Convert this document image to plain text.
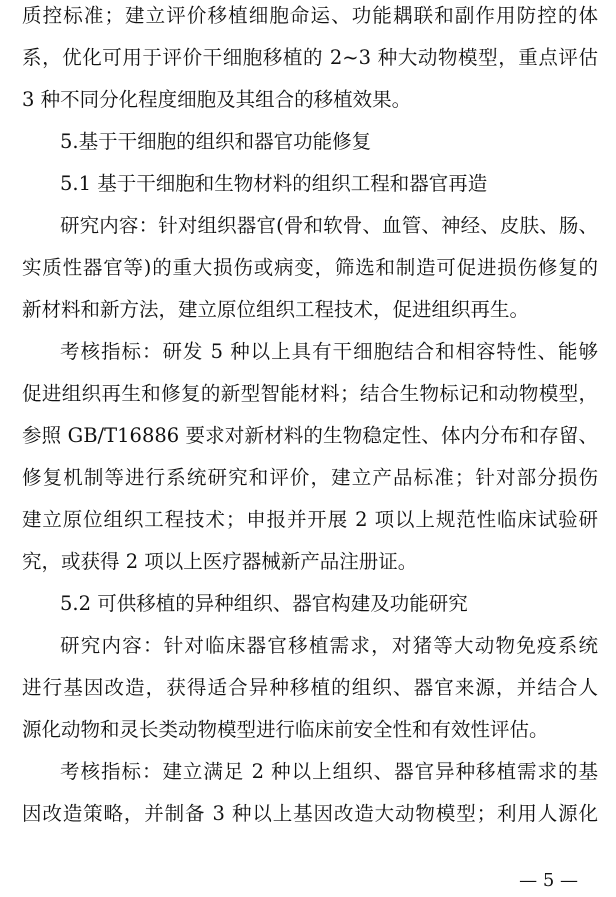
质控标准；建立评价移植细胞命运、功能耦联和副作用防控的体
系，优化可用于评价干细胞移植的 2~3 种大动物模型，重点评估
3 种不同分化程度细胞及其组合的移植效果。
5.基于干细胞的组织和器官功能修复
5.1 基于干细胞和生物材料的组织工程和器官再造
研究内容：针对组织器官(骨和软骨、血管、神经、皮肤、肠、
实质性器官等)的重大损伤或病变，筛选和制造可促进损伤修复的
新材料和新方法，建立原位组织工程技术，促进组织再生。
考核指标：研发 5 种以上具有干细胞结合和相容特性、能够
促进组织再生和修复的新型智能材料；结合生物标记和动物模型，
参照 GB/T16886 要求对新材料的生物稳定性、体内分布和存留、
修复机制等进行系统研究和评价，建立产品标准；针对部分损伤
建立原位组织工程技术；申报并开展 2 项以上规范性临床试验研
究，或获得 2 项以上医疗器械新产品注册证。
5.2 可供移植的异种组织、器官构建及功能研究
研究内容：针对临床器官移植需求，对猪等大动物免疫系统
进行基因改造，获得适合异种移植的组织、器官来源，并结合人
源化动物和灵长类动物模型进行临床前安全性和有效性评估。
考核指标：建立满足 2 种以上组织、器官异种移植需求的基
因改造策略，并制备 3 种以上基因改造大动物模型；利用人源化
— 5 —
